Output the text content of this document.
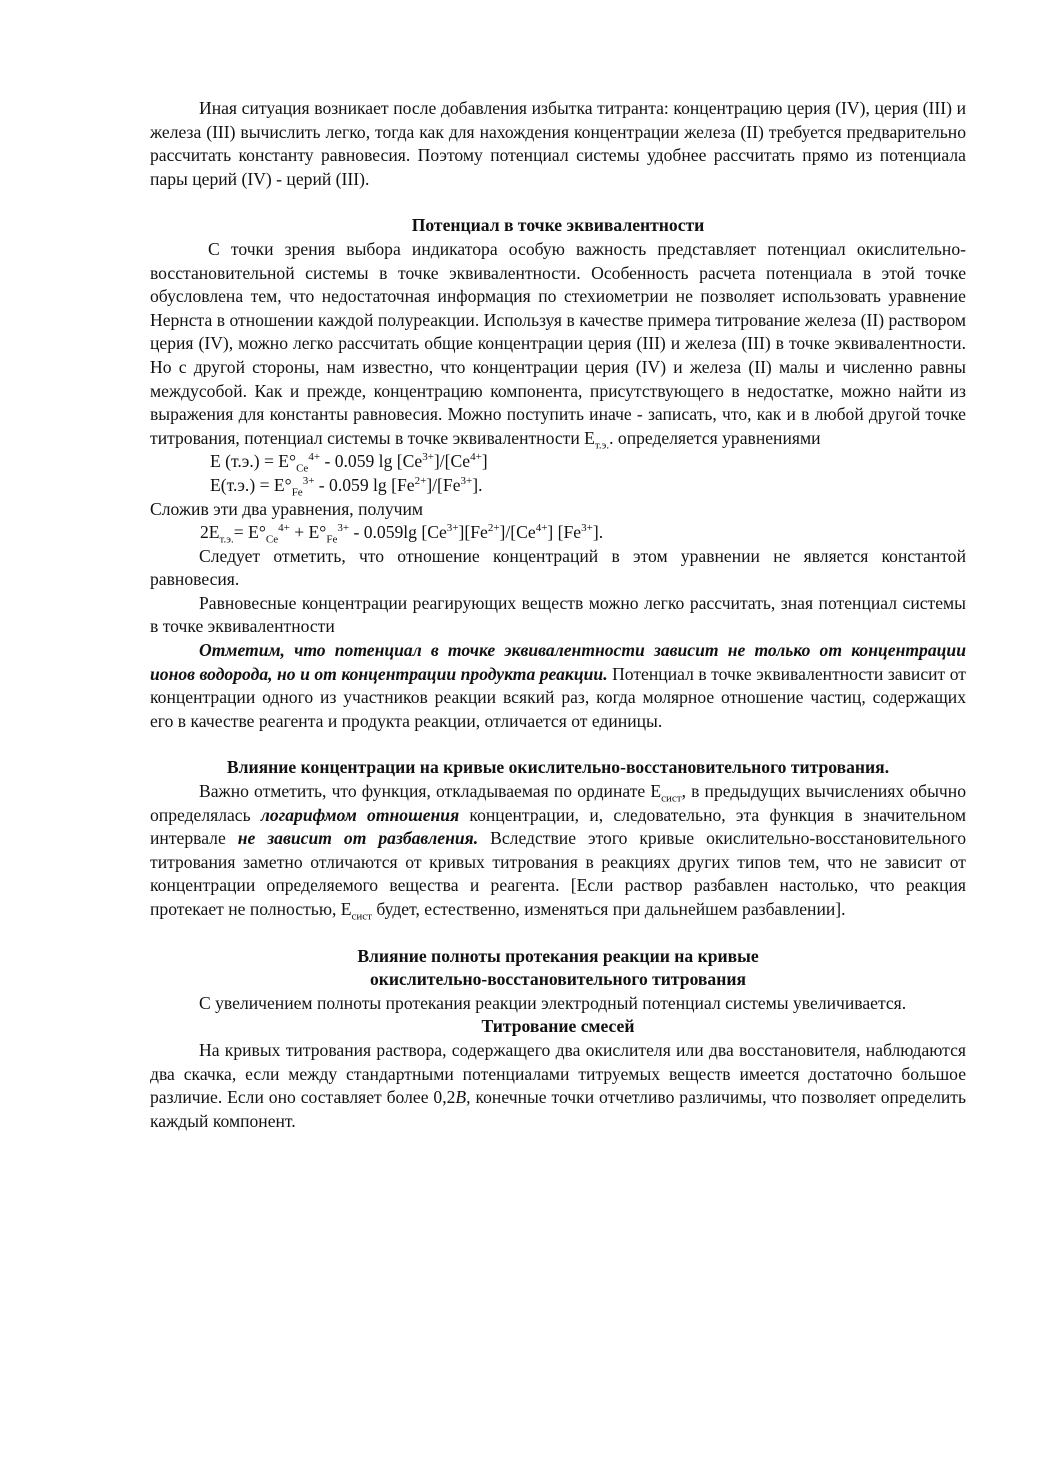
Иная ситуация возникает после добавления избытка титранта: концентрацию церия (IV), церия (III) и железа (III) вычислить легко, тогда как для нахождения концентрации железа (II) требуется предварительно рассчитать константу равновесия. Поэтому потенциал системы удобнее рассчитать прямо из потенциала пары церий (IV) - церий (III).

Потенциал в точке эквивалентности

С точки зрения выбора индикатора особую важность представляет потенциал окислительно-восстановительной системы в точке эквивалентности. Особенность расчета потенциала в этой точке обусловлена тем, что недостаточная информация по стехиометрии не позволяет использовать уравнение Нернста в отношении каждой полуреакции. Используя в качестве примера титрование железа (II) раствором церия (IV), можно легко рассчитать общие концентрации церия (III) и железа (III) в точке эквивалентности. Но с другой стороны, нам известно, что концентрации церия (IV) и железа (II) малы и численно равны междусобой. Как и прежде, концентрацию компонента, присутствующего в недостатке, можно найти из выражения для константы равновесия. Можно поступить иначе - записать, что, как и в любой другой точке титрования, потенциал системы в точке эквивалентности $E_{т.э.}$. определяется уравнениями

E $(т.э.) = E^\circ_{Ce}^{4+} - 0.059$ $\lg [Ce^{3+}]/[Ce^{4+}]$

$E(т.э.) = E^\circ_{Fe}^{3+} - 0.059$ $\lg [Fe^{2+}]/[Fe^{3+}]$.

Сложив эти два уравнения, получим

$2E_{т.э.}= E^\circ_{Ce}^{4+} + E^\circ_{Fe}^{3+} - 0.059\lg$ $[Ce^{3+}][Fe^{2+}]/[Ce^{4+}]$ $[Fe^{3+}]$.

Следует отметить, что отношение концентраций в этом уравнении не является константой равновесия.

Равновесные концентрации реагирующих веществ можно легко рассчитать, зная потенциал системы в точке эквивалентности

Отметим, что потенциал в точке эквивалентности зависит не только от концентрации ионов водорода, но и от концентрации продукта реакции. Потенциал в точке эквивалентности зависит от концентрации одного из участников реакции всякий раз, когда молярное отношение частиц, содержащих его в качестве реагента и продукта реакции, отличается от единицы.

Влияние концентрации на кривые окислительно-восстановительного титрования.

Важно отметить, что функция, откладываемая по ординате $E_{сист}$, в предыдущих вычислениях обычно определялась логарифмом отношения концентрации, и, следовательно, эта функция в значительном интервале не зависит от разбавления. Вследствие этого кривые окислительно-восстановительного титрования заметно отличаются от кривых титрования в реакциях других типов тем, что не зависит от концентрации определяемого вещества и реагента. [Если раствор разбавлен настолько, что реакция протекает не полностью, $E_{сист}$ будет, естественно, изменяться при дальнейшем разбавлении].

Влияние полноты протекания реакции на кривые

окислительно-восстановительного титрования

С увеличением полноты протекания реакции электродный потенциал системы увеличивается.

Титрование смесей

На кривых титрования раствора, содержащего два окислителя или два восстановителя, наблюдаются два скачка, если между стандартными потенциалами титруемых веществ имеется достаточно большое различие. Если оно составляет более 0,2В, конечные точки отчетливо различимы, что позволяет определить каждый компонент.
